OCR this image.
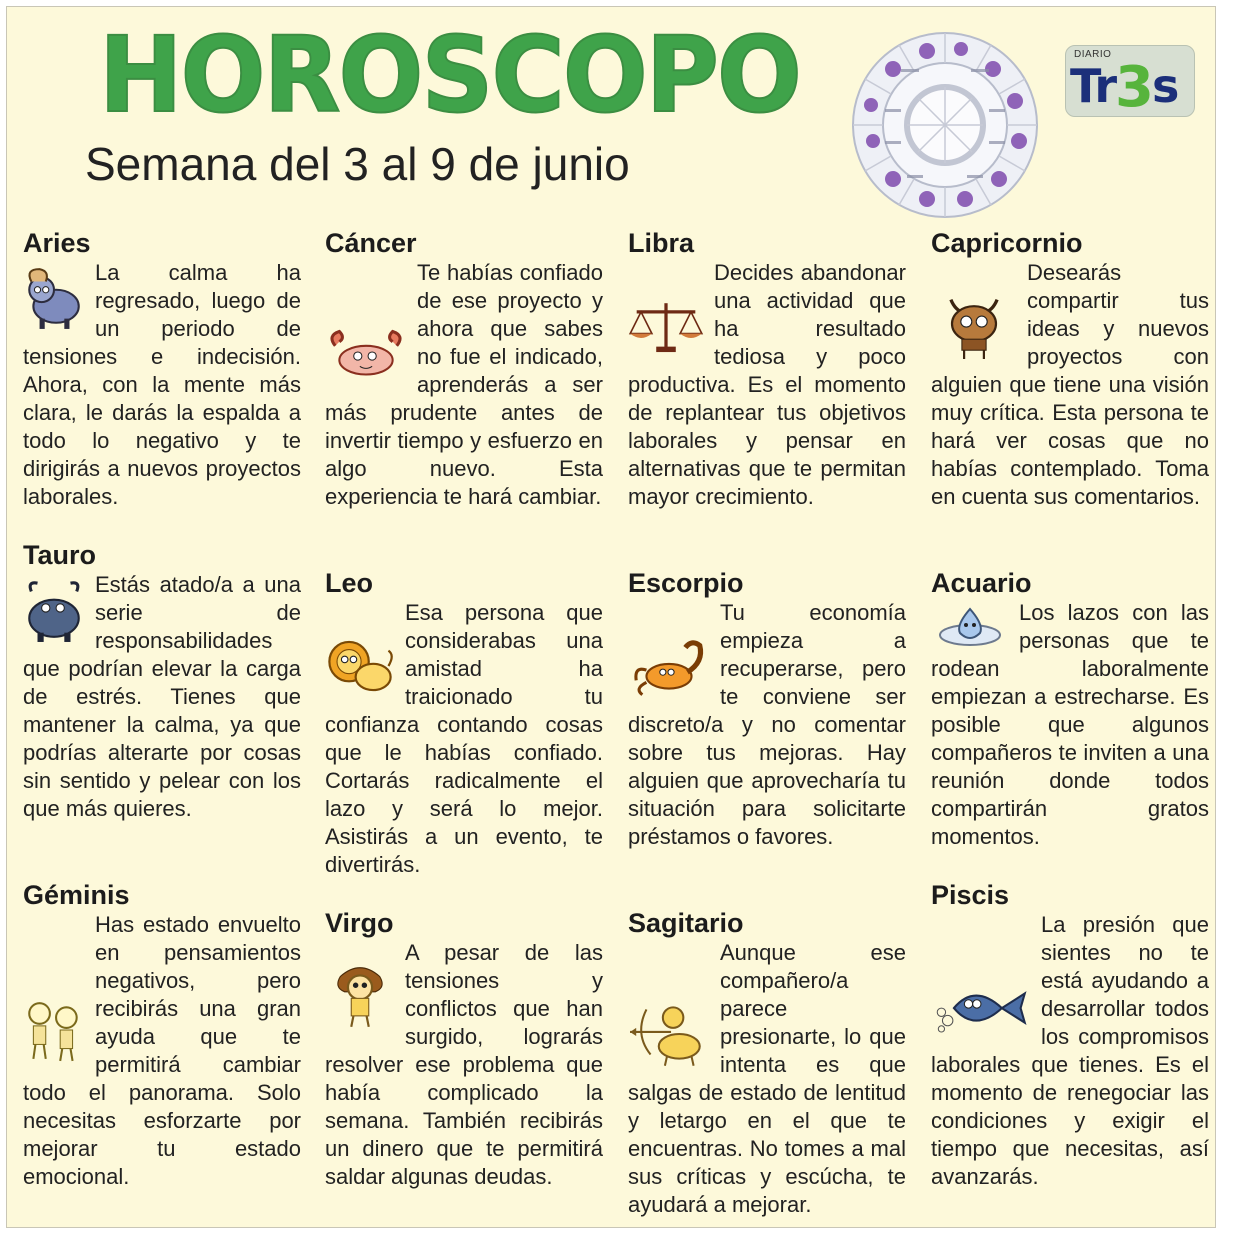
HOROSCOPO
Semana del 3 al 9 de junio
DIARIO
Tr3s
Aries
La calma ha regresado, luego de un periodo de tensiones e indecisión. Ahora, con la mente más clara, le darás la espalda a todo lo negativo y te dirigirás a nuevos proyectos laborales.
Tauro
Estás atado/a a una serie de responsabilidades que podrían elevar la carga de estrés. Tienes que mantener la calma, ya que podrías alterarte por cosas sin sentido y pelear con los que más quieres.
Géminis
Has estado envuelto en pensamientos negativos, pero recibirás una gran ayuda que te permitirá cambiar todo el panorama. Solo necesitas esforzarte por mejorar tu estado emocional.
Cáncer
Te habías confiado de ese proyecto y ahora que sabes no fue el indicado, aprenderás a ser más prudente antes de invertir tiempo y esfuerzo en algo nuevo. Esta experiencia te hará cambiar.
Leo
Esa persona que considerabas una amistad ha traicionado tu confianza contando cosas que le habías confiado. Cortarás radicalmente el lazo y será lo mejor. Asistirás a un evento, te divertirás.
Virgo
A pesar de las tensiones y conflictos que han surgido, lograrás resolver ese problema que había complicado la semana. También recibirás un dinero que te permitirá saldar algunas deudas.
Libra
Decides abandonar una actividad que ha resultado tediosa y poco productiva. Es el momento de replantear tus objetivos laborales y pensar en alternativas que te permitan mayor crecimiento.
Escorpio
Tu economía empieza a recuperarse, pero te conviene ser discreto/a y no comentar sobre tus mejoras. Hay alguien que aprovecharía tu situación para solicitarte préstamos o favores.
Sagitario
Aunque ese compañero/a parece presionarte, lo que intenta es que salgas de estado de lentitud y letargo en el que te encuentras. No tomes a mal sus críticas y escúcha, te ayudará a mejorar.
Capricornio
Desearás compartir tus ideas y nuevos proyectos con alguien que tiene una visión muy crítica. Esta persona te hará ver cosas que no habías contemplado. Toma en cuenta sus comentarios.
Acuario
Los lazos con las personas que te rodean laboralmente empiezan a estrecharse. Es posible que algunos compañeros te inviten a una reunión donde todos compartirán gratos momentos.
Piscis
La presión que sientes no te está ayudando a desarrollar todos los compromisos laborales que tienes. Es el momento de renegociar las condiciones y exigir el tiempo que necesitas, así avanzarás.
